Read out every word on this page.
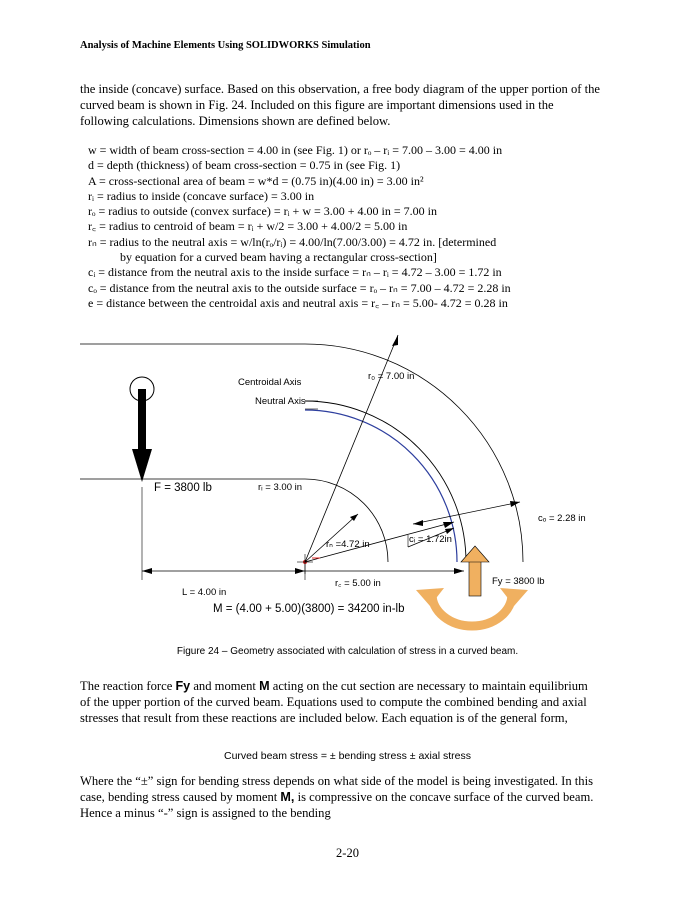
Analysis of Machine Elements Using SOLIDWORKS Simulation
the inside (concave) surface. Based on this observation, a free body diagram of the upper portion of the curved beam is shown in Fig. 24. Included on this figure are important dimensions used in the following calculations. Dimensions shown are defined below.
w = width of beam cross-section = 4.00 in (see Fig. 1) or rₒ – rᵢ = 7.00 – 3.00 = 4.00 in
d = depth (thickness) of beam cross-section = 0.75 in (see Fig. 1)
A = cross-sectional area of beam = w*d = (0.75 in)(4.00 in) = 3.00 in²
rᵢ = radius to inside (concave surface) = 3.00 in
rₒ = radius to outside (convex surface) = rᵢ + w = 3.00 + 4.00 in = 7.00 in
r꜀ = radius to centroid of beam = rᵢ + w/2 = 3.00 + 4.00/2 = 5.00 in
rₙ = radius to the neutral axis = w/ln(rₒ/rᵢ) = 4.00/ln(7.00/3.00) = 4.72 in. [determined
by equation for a curved beam having a rectangular cross-section]
cᵢ = distance from the neutral axis to the inside surface = rₙ – rᵢ = 4.72 – 3.00 = 1.72 in
cₒ = distance from the neutral axis to the outside surface = rₒ – rₙ = 7.00 – 4.72 = 2.28 in
e = distance between the centroidal axis and neutral axis = r꜀ – rₙ = 5.00- 4.72 = 0.28 in
r₀ = 7.00 in
Centroidal Axis
Neutral Axis
F = 3800 lb	rᵢ = 3.00 in
cₒ = 2.28 in
cᵢ = 1.72in
rₙ =4.72 in
r꜀ = 5.00 in	Fy = 3800 lb
L = 4.00 in
M = (4.00 + 5.00)(3800) = 34200 in-lb
Figure 24 – Geometry associated with calculation of stress in a curved beam.
The reaction force Fy and moment M acting on the cut section are necessary to maintain equilibrium of the upper portion of the curved beam. Equations used to compute the combined bending and axial stresses that result from these reactions are included below. Each equation is of the general form,
Curved beam stress = ± bending stress ± axial stress
Where the “±” sign for bending stress depends on what side of the model is being investigated. In this case, bending stress caused by moment M, is compressive on the concave surface of the curved beam. Hence a minus “-” sign is assigned to the bending
2-20
